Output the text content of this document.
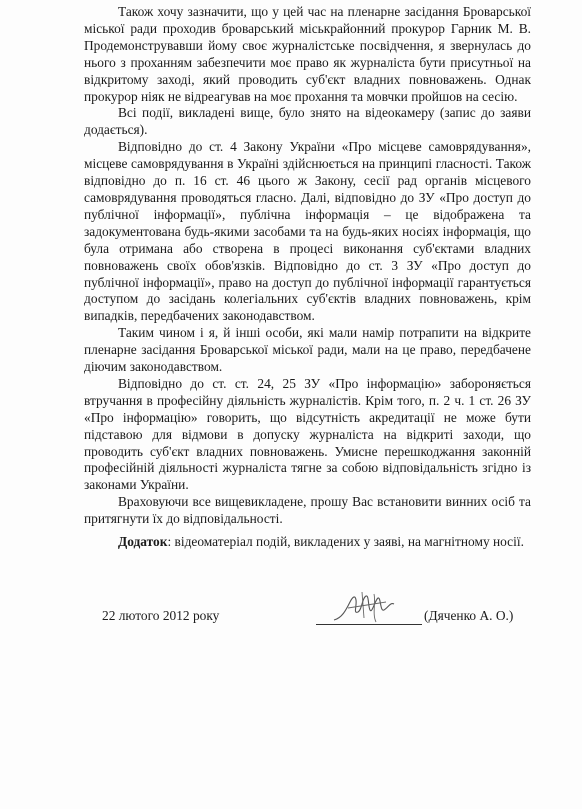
Також хочу зазначити, що у цей час на пленарне засідання Броварської міської ради проходив броварський міськрайонний прокурор Гарник М. В. Продемонструвавши йому своє журналістське посвідчення, я звернулась до нього з проханням забезпечити моє право як журналіста бути присутньої на відкритому заході, який проводить суб'єкт владних повноважень. Однак прокурор ніяк не відреагував на моє прохання та мовчки пройшов на сесію.

Всі події, викладені вище, було знято на відеокамеру (запис до заяви додається).

Відповідно до ст. 4 Закону України «Про місцеве самоврядування», місцеве самоврядування в Україні здійснюється на принципі гласності. Також відповідно до п. 16 ст. 46 цього ж Закону, сесії рад органів місцевого самоврядування проводяться гласно. Далі, відповідно до ЗУ «Про доступ до публічної інформації», публічна інформація – це відображена та задокументована будь-якими засобами та на будь-яких носіях інформація, що була отримана або створена в процесі виконання суб'єктами владних повноважень своїх обов'язків. Відповідно до ст. 3 ЗУ «Про доступ до публічної інформації», право на доступ до публічної інформації гарантується доступом до засідань колегіальних суб'єктів владних повноважень, крім випадків, передбачених законодавством.

Таким чином і я, й інші особи, які мали намір потрапити на відкрите пленарне засідання Броварської міської ради, мали на це право, передбачене діючим законодавством.

Відповідно до ст. ст. 24, 25 ЗУ «Про інформацію» забороняється втручання в професійну діяльність журналістів. Крім того, п. 2 ч. 1 ст. 26 ЗУ «Про інформацію» говорить, що відсутність акредитації не може бути підставою для відмови в допуску журналіста на відкриті заходи, що проводить суб'єкт владних повноважень. Умисне перешкоджання законній професійній діяльності журналіста тягне за собою відповідальність згідно із законами України.

Враховуючи все вищевикладене, прошу Вас встановити винних осіб та притягнути їх до відповідальності.

Додаток: відеоматеріал подій, викладених у заяві, на магнітному носії.
22 лютого 2012 року	(Дяченко А. О.)
